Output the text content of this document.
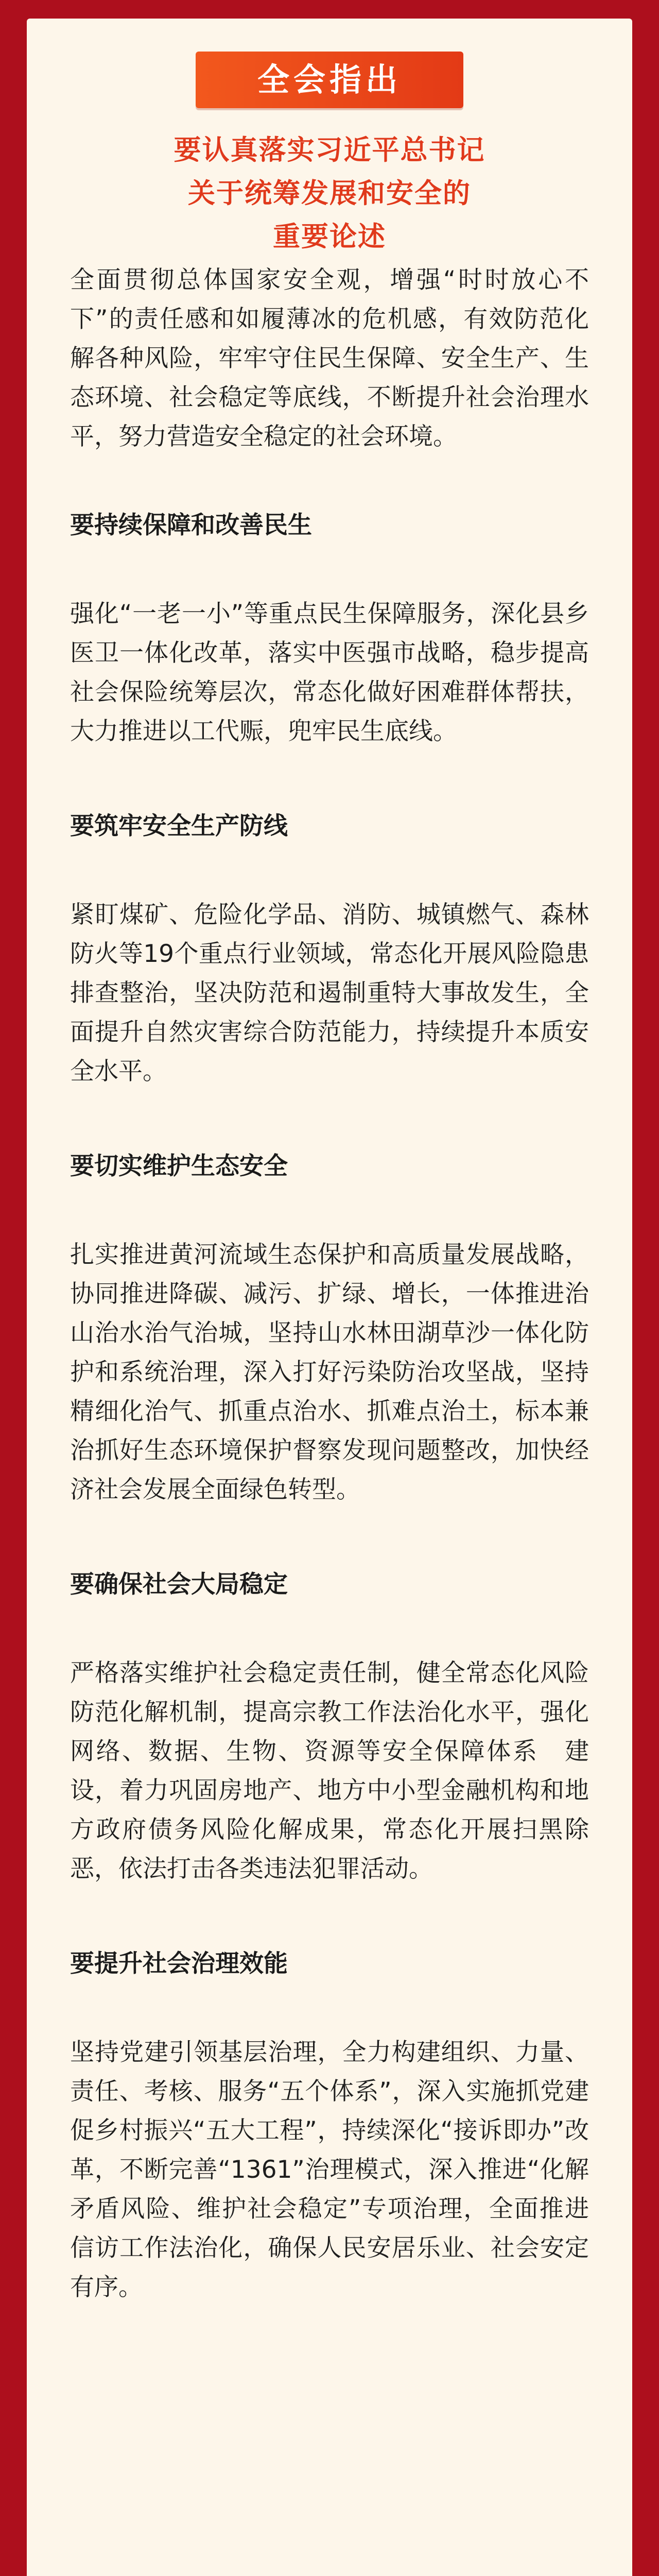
全会指出
要认真落实习近平总书记
关于统筹发展和安全的
重要论述

全面贯彻总体国家安全观，增强“时时放心不下”的责任感和如履薄冰的危机感，有效防范化解各种风险，牢牢守住民生保障、安全生产、生态环境、社会稳定等底线，不断提升社会治理水平，努力营造安全稳定的社会环境。

要持续保障和改善民生

强化“一老一小”等重点民生保障服务，深化县乡医卫一体化改革，落实中医强市战略，稳步提高社会保险统筹层次，常态化做好困难群体帮扶，大力推进以工代赈，兜牢民生底线。

要筑牢安全生产防线

紧盯煤矿、危险化学品、消防、城镇燃气、森林防火等19个重点行业领域，常态化开展风险隐患排查整治，坚决防范和遏制重特大事故发生，全面提升自然灾害综合防范能力，持续提升本质安全水平。

要切实维护生态安全

扎实推进黄河流域生态保护和高质量发展战略，协同推进降碳、减污、扩绿、增长，一体推进治山治水治气治城，坚持山水林田湖草沙一体化防护和系统治理，深入打好污染防治攻坚战，坚持精细化治气、抓重点治水、抓难点治土，标本兼治抓好生态环境保护督察发现问题整改，加快经济社会发展全面绿色转型。

要确保社会大局稳定

严格落实维护社会稳定责任制，健全常态化风险防范化解机制，提高宗教工作法治化水平，强化网络、数据、生物、资源等安全保障体系　建设，着力巩固房地产、地方中小型金融机构和地方政府债务风险化解成果，常态化开展扫黑除恶，依法打击各类违法犯罪活动。

要提升社会治理效能

坚持党建引领基层治理，全力构建组织、力量、责任、考核、服务“五个体系”，深入实施抓党建促乡村振兴“五大工程”，持续深化“接诉即办”改革，不断完善“1361”治理模式，深入推进“化解矛盾风险、维护社会稳定”专项治理，全面推进信访工作法治化，确保人民安居乐业、社会安定有序。
